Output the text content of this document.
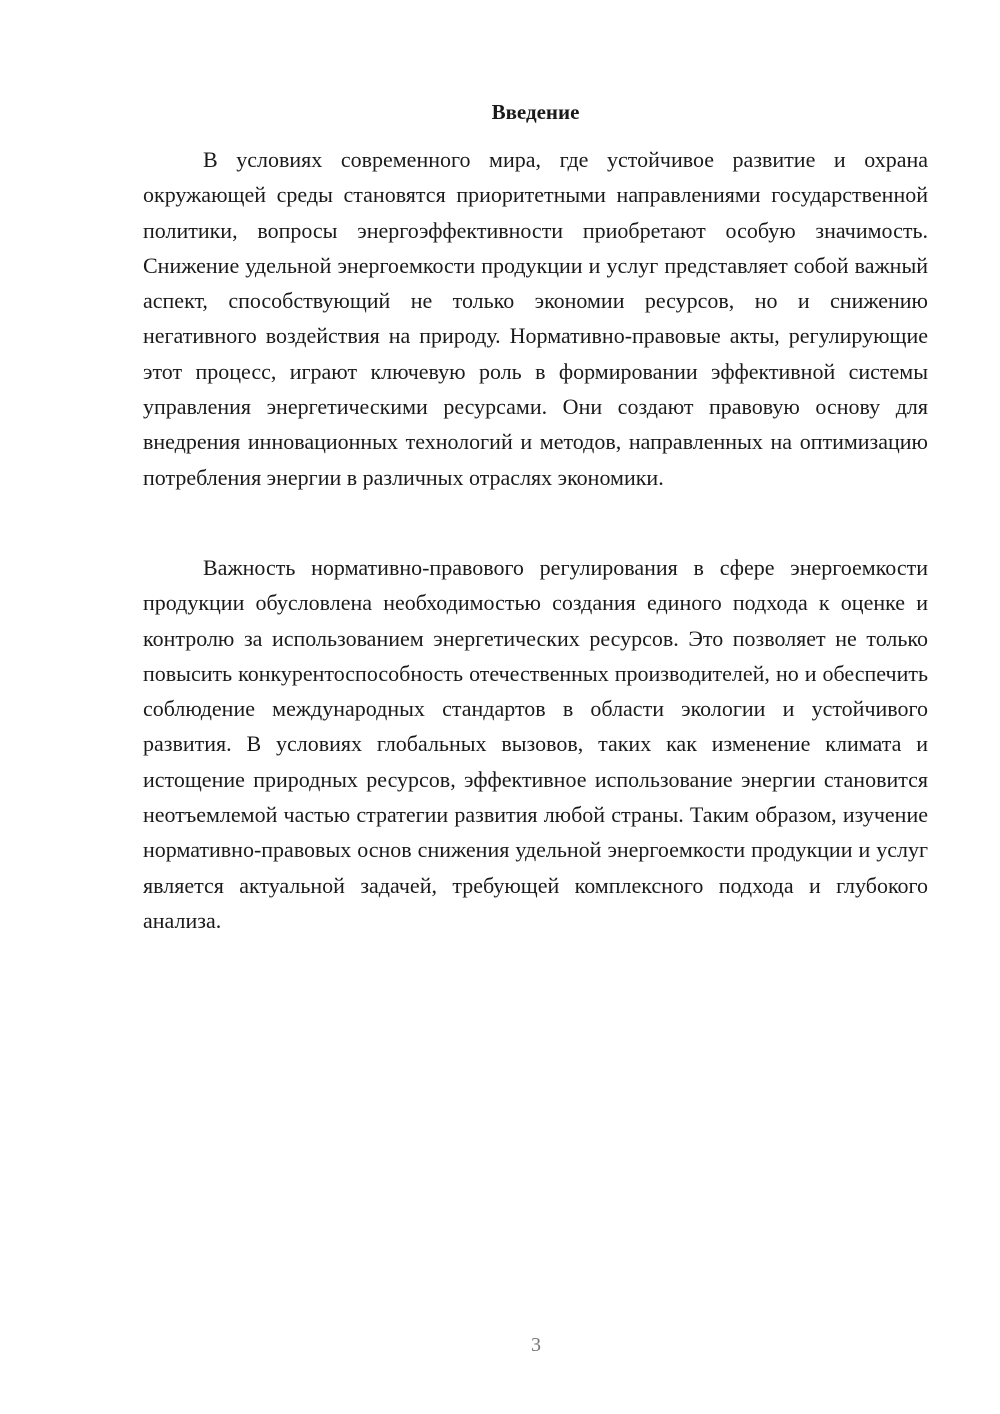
Введение

В условиях современного мира, где устойчивое развитие и охрана окружающей среды становятся приоритетными направлениями государственной политики, вопросы энергоэффективности приобретают особую значимость. Снижение удельной энергоемкости продукции и услуг представляет собой важный аспект, способствующий не только экономии ресурсов, но и снижению негативного воздействия на природу. Нормативно-правовые акты, регулирующие этот процесс, играют ключевую роль в формировании эффективной системы управления энергетическими ресурсами. Они создают правовую основу для внедрения инновационных технологий и методов, направленных на оптимизацию потребления энергии в различных отраслях экономики.

Важность нормативно-правового регулирования в сфере энергоемкости продукции обусловлена необходимостью создания единого подхода к оценке и контролю за использованием энергетических ресурсов. Это позволяет не только повысить конкурентоспособность отечественных производителей, но и обеспечить соблюдение международных стандартов в области экологии и устойчивого развития. В условиях глобальных вызовов, таких как изменение климата и истощение природных ресурсов, эффективное использование энергии становится неотъемлемой частью стратегии развития любой страны. Таким образом, изучение нормативно-правовых основ снижения удельной энергоемкости продукции и услуг является актуальной задачей, требующей комплексного подхода и глубокого анализа.

3
